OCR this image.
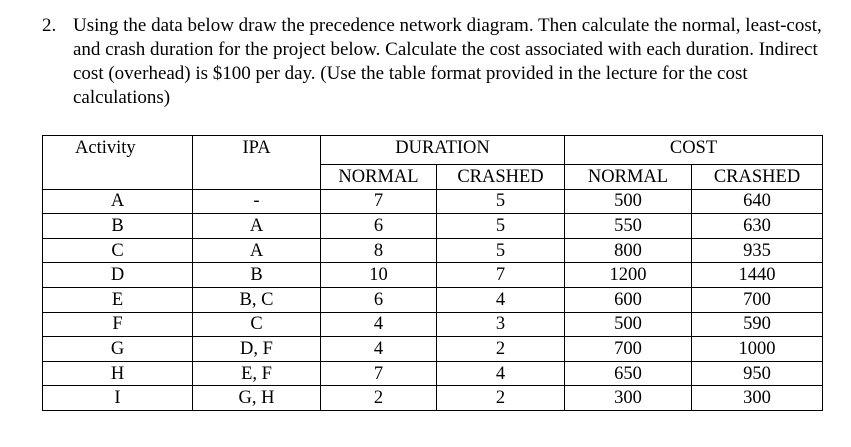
2. Using the data below draw the precedence network diagram. Then calculate the normal, least-cost, and crash duration for the project below. Calculate the cost associated with each duration. Indirect cost (overhead) is $100 per day. (Use the table format provided in the lecture for the cost calculations)
Activity	IPA	DURATION		COST	
		NORMAL	CRASHED	NORMAL	CRASHED
A	-	7	5	500	640
B	A	6	5	550	630
C	A	8	5	800	935
D	B	10	7	1200	1440
E	B, C	6	4	600	700
F	C	4	3	500	590
G	D, F	4	2	700	1000
H	E, F	7	4	650	950
I	G, H	2	2	300	300
